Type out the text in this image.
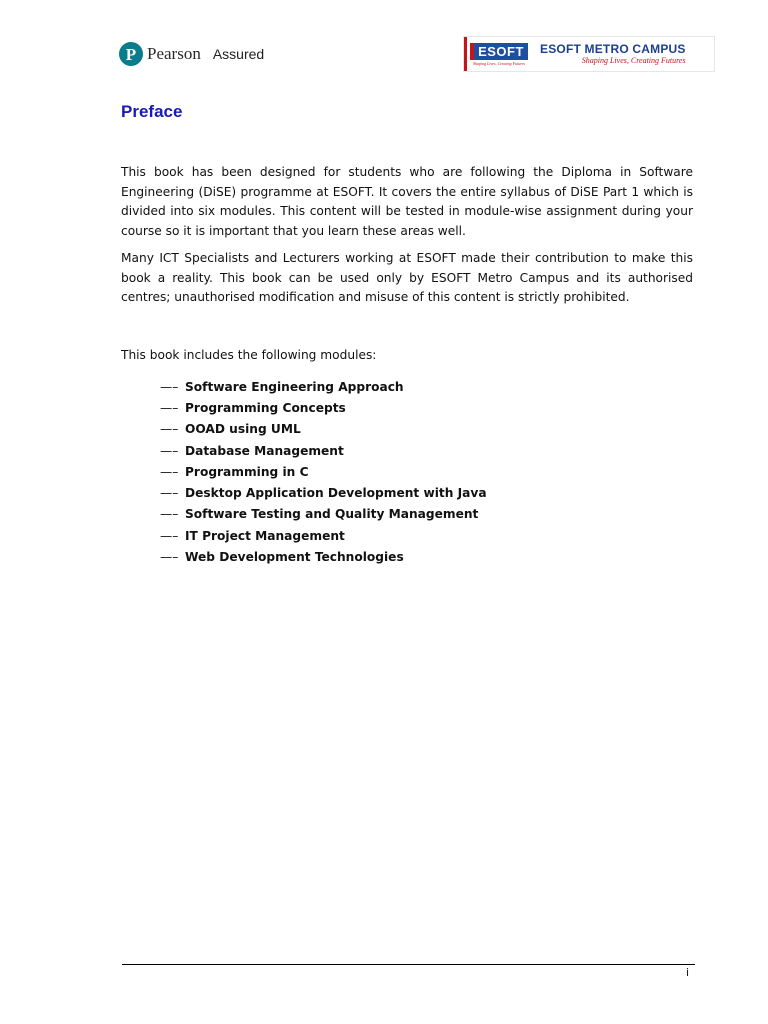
P Pearson Assured	ESOFT
Shaping Lives, Creating Futures
ESOFT METRO CAMPUS
Shaping Lives, Creating Futures
Preface

This book has been designed for students who are following the Diploma in Software Engineering (DiSE) programme at ESOFT. It covers the entire syllabus of DiSE Part 1 which is divided into six modules. This content will be tested in module-wise assignment during your course so it is important that you learn these areas well.

Many ICT Specialists and Lecturers working at ESOFT made their contribution to make this book a reality. This book can be used only by ESOFT Metro Campus and its authorised centres; unauthorised modification and misuse of this content is strictly prohibited.

This book includes the following modules:

—– Software Engineering Approach
—– Programming Concepts
—– OOAD using UML
—– Database Management
—– Programming in C
—– Desktop Application Development with Java
—– Software Testing and Quality Management
—– IT Project Management
—– Web Development Technologies
i
